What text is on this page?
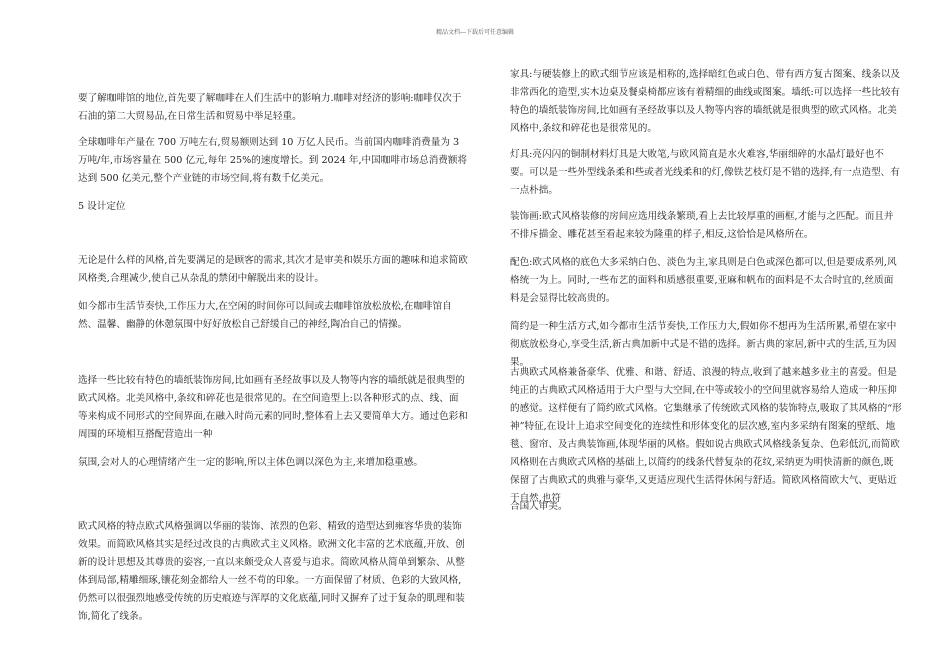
精品文档---下载后可任意编辑

要了解咖啡馆的地位,首先要了解咖啡在人们生活中的影响力.咖啡对经济的影响:咖啡仅次于石油的第二大贸易品,在日常生活和贸易中举足轻重。

全球咖啡年产量在 700 万吨左右,贸易额则达到 10 万亿人民币。当前国内咖啡消费量为 3 万吨/年,市场容量在 500 亿元,每年 25%的速度增长。到 2024 年,中国咖啡市场总消费额将达到 500 亿美元,整个产业链的市场空间,将有数千亿美元。

5 设计定位

无论是什么样的风格,首先要满足的是顾客的需求,其次才是审美和娱乐方面的趣味和追求简欧风格类,合理减少,使自己从杂乱的禁闭中解脱出来的设计。

如今都市生活节奏快,工作压力大,在空闲的时间你可以间或去咖啡馆放松放松,在咖啡馆自然、温馨、幽静的休憩氛围中好好放松自己舒缓自己的神经,陶冶自己的情操。

选择一些比较有特色的墙纸装饰房间,比如画有圣经故事以及人物等内容的墙纸就是很典型的欧式风格。北美风格中,条纹和碎花也是很常见的。在空间造型上:以各种形式的点、线、面等来构成不同形式的空间界面,在融入时尚元素的同时,整体看上去又要简单大方。通过色彩和周围的环境相互搭配营造出一种

氛围,会对人的心理情绪产生一定的影响,所以主体色调以深色为主,来增加稳重感。

欧式风格的特点欧式风格强调以华丽的装饰、浓烈的色彩、精致的造型达到雍容华贵的装饰效果。而简欧风格其实是经过改良的古典欧式主义风格。欧洲文化丰富的艺术底蕴,开放、创新的设计思想及其尊贵的姿容,一直以来颇受众人喜爱与追求。简欧风格从简单到繁杂、从整体到局部,精雕细琢,镶花刻金都给人一丝不苟的印象。一方面保留了材质、色彩的大致风格,仍然可以很强烈地感受传统的历史痕迹与浑厚的文化底蕴,同时又摒弃了过于复杂的肌理和装饰,简化了线条。

家具:与硬装修上的欧式细节应该是相称的,选择暗红色或白色、带有西方复古图案、线条以及非常西化的造型,实木边桌及餐桌椅都应该有着精细的曲线或图案。墙纸:可以选择一些比较有特色的墙纸装饰房间,比如画有圣经故事以及人物等内容的墙纸就是很典型的欧式风格。北美风格中,条纹和碎花也是很常见的。

灯具:亮闪闪的铜制材料灯具是大败笔,与欧风简直是水火难容,华丽细碎的水晶灯最好也不要。可以是一些外型线条柔和些或者光线柔和的灯,像铁艺枝灯是不错的选择,有一点造型、有一点朴拙。

装饰画:欧式风格装修的房间应选用线条繁琐,看上去比较厚重的画框,才能与之匹配。而且并不排斥描金、雕花甚至看起来较为隆重的样子,相反,这恰恰是风格所在。

配色:欧式风格的底色大多采纳白色、淡色为主,家具则是白色或深色都可以,但是要成系列,风格统一为上。同时,一些布艺的面料和质感很重要,亚麻和帆布的面料是不太合时宜的,丝质面料是会显得比较高贵的。

简约是一种生活方式,如今都市生活节奏快,工作压力大,假如你不想再为生活所累,希望在家中彻底放松身心,享受生活,新古典加新中式是不错的选择。新古典的家居,新中式的生活,互为因果。

古典欧式风格兼备豪华、优雅、和谐、舒适、浪漫的特点,收到了越来越多业主的喜爱。但是纯正的古典欧式风格适用于大户型与大空间,在中等或较小的空间里就容易给人造成一种压抑的感觉。这样便有了简约欧式风格。它集继承了传统欧式风格的装饰特点,吸取了其风格的“形神”特征,在设计上追求空间变化的连续性和形体变化的层次感,室内多采纳有图案的壁纸、地毯、窗帘、及古典装饰画,体现华丽的风格。假如说古典欧式风格线条复杂、色彩低沉,而简欧风格则在古典欧式风格的基础上,以简约的线条代替复杂的花纹,采纳更为明快清新的颜色,既保留了古典欧式的典雅与豪华,又更适应现代生活得休闲与舒适。简欧风格简欧大气、更贴近于自然,也符

合国人审美。
